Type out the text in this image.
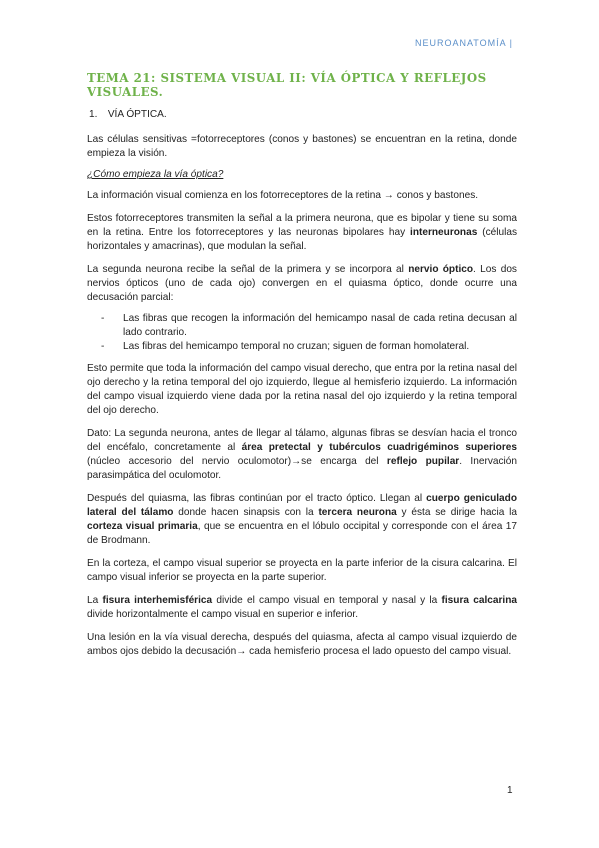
NEUROANATOMÍA |
TEMA 21: SISTEMA VISUAL II: VÍA ÓPTICA Y REFLEJOS VISUALES.
1. VÍA ÓPTICA.

Las células sensitivas =fotorreceptores (conos y bastones) se encuentran en la retina, donde empieza la visión.

¿Cómo empieza la vía óptica?

La información visual comienza en los fotorreceptores de la retina → conos y bastones.

Estos fotorreceptores transmiten la señal a la primera neurona, que es bipolar y tiene su soma en la retina. Entre los fotorreceptores y las neuronas bipolares hay interneuronas (células horizontales y amacrinas), que modulan la señal.

La segunda neurona recibe la señal de la primera y se incorpora al nervio óptico. Los dos nervios ópticos (uno de cada ojo) convergen en el quiasma óptico, donde ocurre una decusación parcial:

- Las fibras que recogen la información del hemicampo nasal de cada retina decusan al lado contrario.
- Las fibras del hemicampo temporal no cruzan; siguen de forman homolateral.

Esto permite que toda la información del campo visual derecho, que entra por la retina nasal del ojo derecho y la retina temporal del ojo izquierdo, llegue al hemisferio izquierdo. La información del campo visual izquierdo viene dada por la retina nasal del ojo izquierdo y la retina temporal del ojo derecho.

Dato: La segunda neurona, antes de llegar al tálamo, algunas fibras se desvían hacia el tronco del encéfalo, concretamente al área pretectal y tubérculos cuadrigéminos superiores (núcleo accesorio del nervio oculomotor)→se encarga del reflejo pupilar. Inervación parasimpática del oculomotor.

Después del quiasma, las fibras continúan por el tracto óptico. Llegan al cuerpo geniculado lateral del tálamo donde hacen sinapsis con la tercera neurona y ésta se dirige hacia la corteza visual primaria, que se encuentra en el lóbulo occipital y corresponde con el área 17 de Brodmann.

En la corteza, el campo visual superior se proyecta en la parte inferior de la cisura calcarina. El campo visual inferior se proyecta en la parte superior.

La fisura interhemisférica divide el campo visual en temporal y nasal y la fisura calcarina divide horizontalmente el campo visual en superior e inferior.

Una lesión en la vía visual derecha, después del quiasma, afecta al campo visual izquierdo de ambos ojos debido la decusación→ cada hemisferio procesa el lado opuesto del campo visual.

1
